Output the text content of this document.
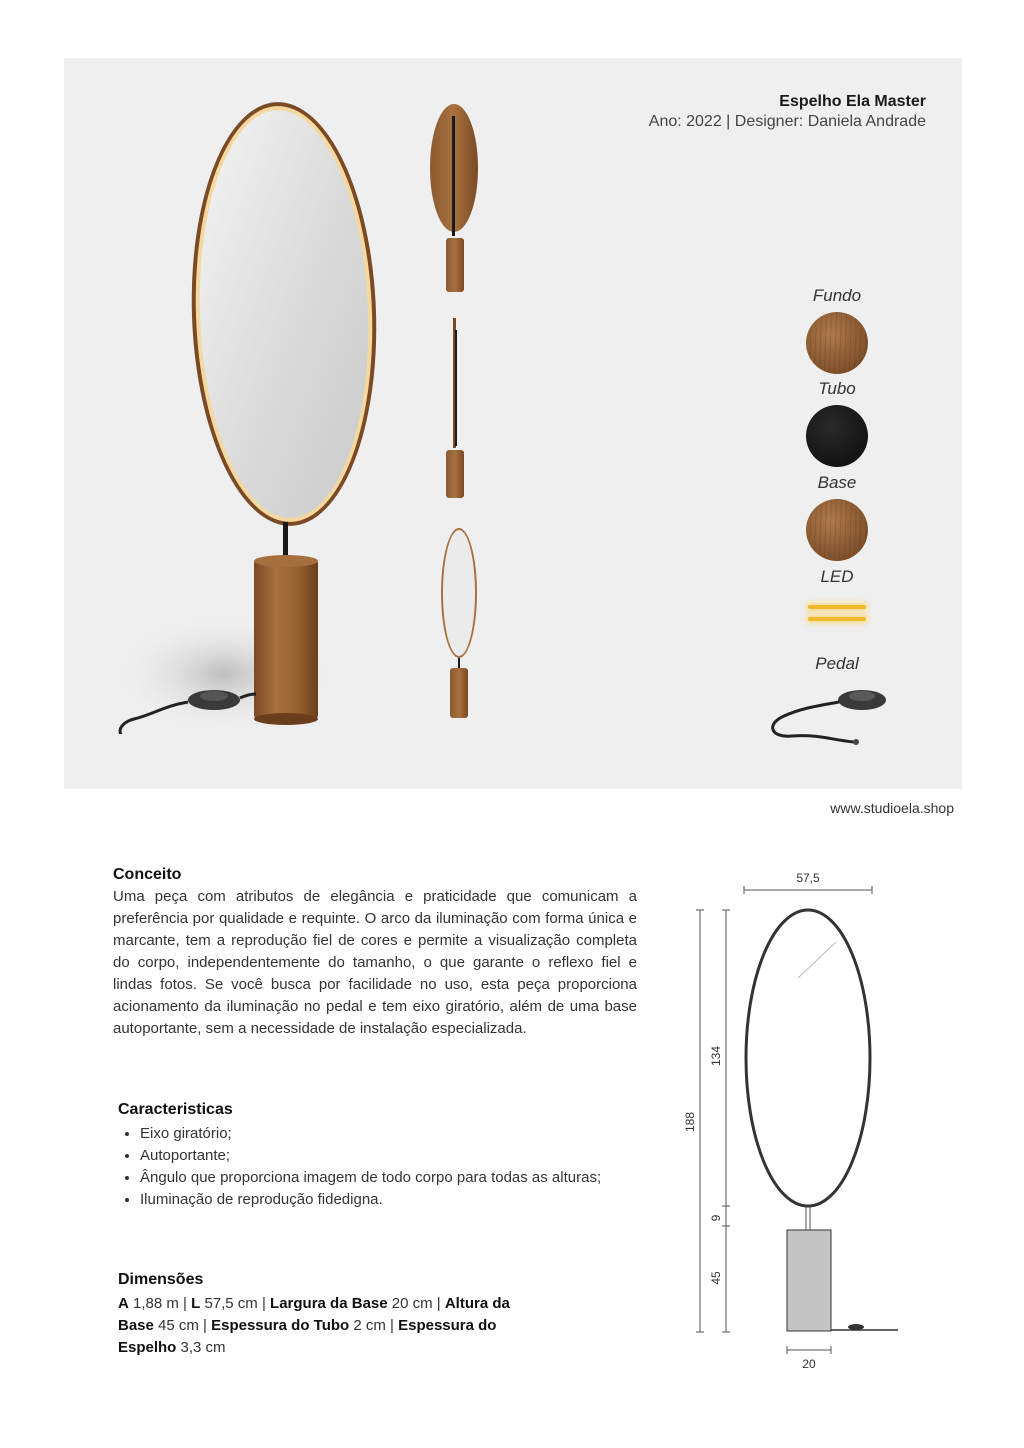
Espelho Ela Master
Ano: 2022 | Designer: Daniela Andrade
Fundo
Tubo
Base
LED
Pedal
www.studioela.shop
Conceito

Uma peça com atributos de elegância e praticidade que comunicam a preferência por qualidade e requinte. O arco da iluminação com forma única e marcante, tem a reprodução fiel de cores e permite a visualização completa do corpo, independentemente do tamanho, o que garante o reflexo fiel e lindas fotos. Se você busca por facilidade no uso, esta peça proporciona acionamento da iluminação no pedal e tem eixo giratório, além de uma base autoportante, sem a necessidade de instalação especializada.

Caracteristicas
• Eixo giratório;
• Autoportante;
• Ângulo que proporciona imagem de todo corpo para todas as alturas;
• Iluminação de reprodução fidedigna.
Dimensões

A 1,88 m | L 57,5 cm | Largura da Base 20 cm | Altura da Base 45 cm | Espessura do Tubo 2 cm | Espessura do Espelho 3,3 cm

57,5
188
134
9
45
20
